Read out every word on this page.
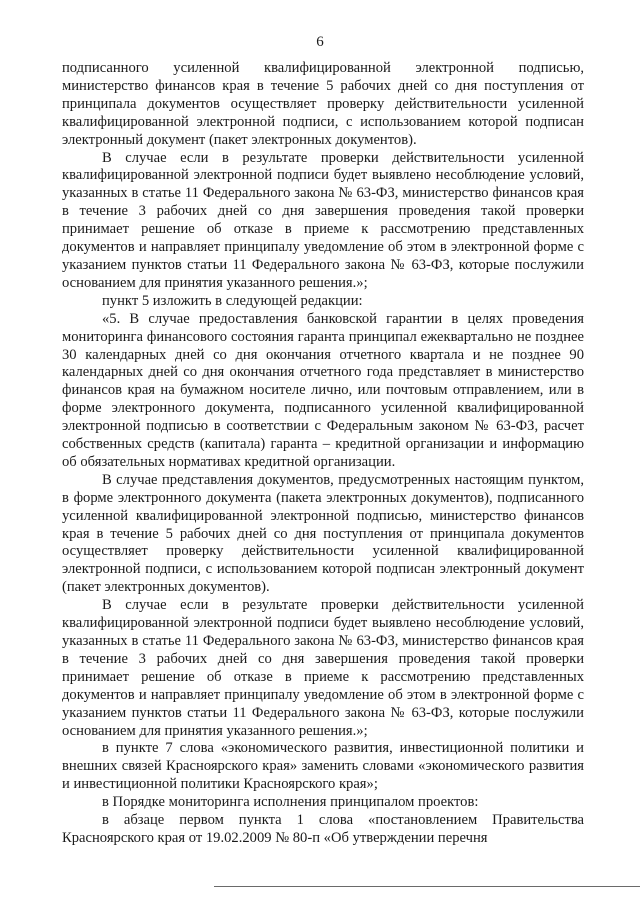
6

подписанного усиленной квалифицированной электронной подписью, министерство финансов края в течение 5 рабочих дней со дня поступления от принципала документов осуществляет проверку действительности усиленной квалифицированной электронной подписи, с использованием которой подписан электронный документ (пакет электронных документов).

В случае если в результате проверки действительности усиленной квалифицированной электронной подписи будет выявлено несоблюдение условий, указанных в статье 11 Федерального закона № 63-ФЗ, министерство финансов края в течение 3 рабочих дней со дня завершения проведения такой проверки принимает решение об отказе в приеме к рассмотрению представленных документов и направляет принципалу уведомление об этом в электронной форме с указанием пунктов статьи 11 Федерального закона № 63-ФЗ, которые послужили основанием для принятия указанного решения.»;

пункт 5 изложить в следующей редакции:

«5. В случае предоставления банковской гарантии в целях проведения мониторинга финансового состояния гаранта принципал ежеквартально не позднее 30 календарных дней со дня окончания отчетного квартала и не позднее 90 календарных дней со дня окончания отчетного года представляет в министерство финансов края на бумажном носителе лично, или почтовым отправлением, или в форме электронного документа, подписанного усиленной квалифицированной электронной подписью в соответствии с Федеральным законом № 63-ФЗ, расчет собственных средств (капитала) гаранта – кредитной организации и информацию об обязательных нормативах кредитной организации.

В случае представления документов, предусмотренных настоящим пунктом, в форме электронного документа (пакета электронных документов), подписанного усиленной квалифицированной электронной подписью, министерство финансов края в течение 5 рабочих дней со дня поступления от принципала документов осуществляет проверку действительности усиленной квалифицированной электронной подписи, с использованием которой подписан электронный документ (пакет электронных документов).

В случае если в результате проверки действительности усиленной квалифицированной электронной подписи будет выявлено несоблюдение условий, указанных в статье 11 Федерального закона № 63-ФЗ, министерство финансов края в течение 3 рабочих дней со дня завершения проведения такой проверки принимает решение об отказе в приеме к рассмотрению представленных документов и направляет принципалу уведомление об этом в электронной форме с указанием пунктов статьи 11 Федерального закона № 63-ФЗ, которые послужили основанием для принятия указанного решения.»;

в пункте 7 слова «экономического развития, инвестиционной политики и внешних связей Красноярского края» заменить словами «экономического развития и инвестиционной политики Красноярского края»;

в Порядке мониторинга исполнения принципалом проектов:

в абзаце первом пункта 1 слова «постановлением Правительства Красноярского края от 19.02.2009 № 80-п «Об утверждении перечня
